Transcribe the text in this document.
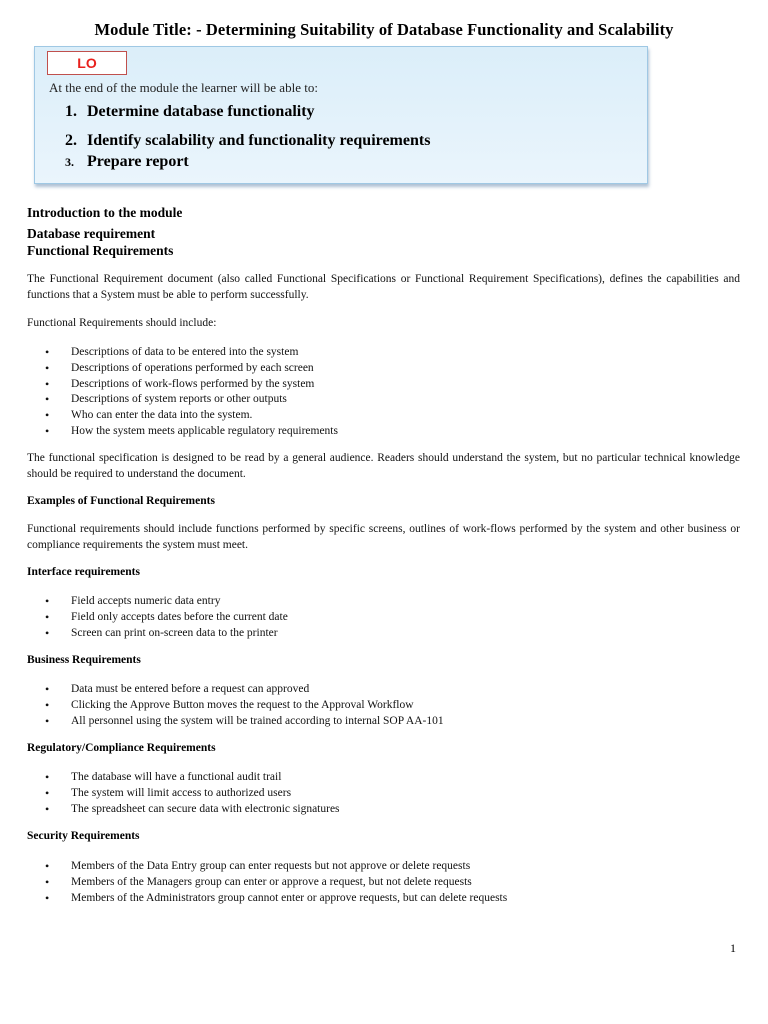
Module Title: - Determining Suitability of Database Functionality and Scalability
LO
At the end of the module the learner will be able to:
1. Determine database functionality
2. Identify scalability and functionality requirements
3. Prepare report
Introduction to the module
Database requirement
Functional Requirements
The Functional Requirement document (also called Functional Specifications or Functional Requirement Specifications), defines the capabilities and functions that a System must be able to perform successfully.
Functional Requirements should include:
• Descriptions of data to be entered into the system
• Descriptions of operations performed by each screen
• Descriptions of work-flows performed by the system
• Descriptions of system reports or other outputs
• Who can enter the data into the system.
• How the system meets applicable regulatory requirements
The functional specification is designed to be read by a general audience. Readers should understand the system, but no particular technical knowledge should be required to understand the document.
Examples of Functional Requirements
Functional requirements should include functions performed by specific screens, outlines of work-flows performed by the system and other business or compliance requirements the system must meet.
Interface requirements
• Field accepts numeric data entry
• Field only accepts dates before the current date
• Screen can print on-screen data to the printer
Business Requirements
• Data must be entered before a request can approved
• Clicking the Approve Button moves the request to the Approval Workflow
• All personnel using the system will be trained according to internal SOP AA-101
Regulatory/Compliance Requirements
• The database will have a functional audit trail
• The system will limit access to authorized users
• The spreadsheet can secure data with electronic signatures
Security Requirements
• Members of the Data Entry group can enter requests but not approve or delete requests
• Members of the Managers group can enter or approve a request, but not delete requests
• Members of the Administrators group cannot enter or approve requests, but can delete requests
1
